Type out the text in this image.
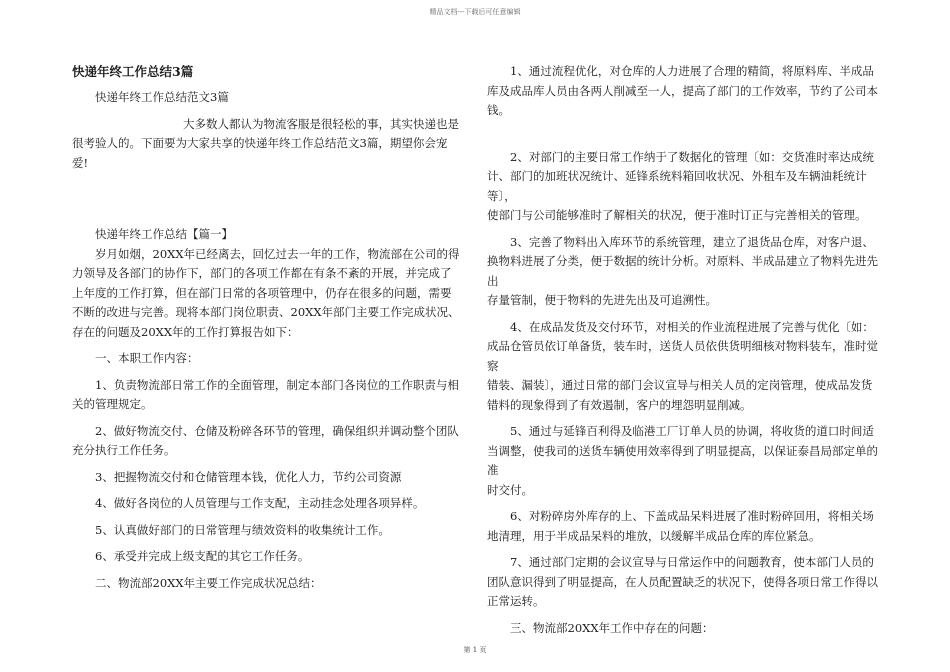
精品文档---下载后可任意编辑

快递年终工作总结3篇

快递年终工作总结范文3篇

大多数人都认为物流客服是很轻松的事，其实快递也是

很考验人的。下面要为大家共享的快递年终工作总结范文3篇，期望你会宠爱!

快递年终工作总结【篇一】

岁月如烟，20XX年已经离去，回忆过去一年的工作，物流部在公司的得力领导及各部门的协作下，部门的各项工作都在有条不紊的开展，并完成了上年度的工作打算，但在部门日常的各项管理中，仍存在很多的问题，需要不断的改进与完善。现将本部门岗位职责、20XX年部门主要工作完成状况、存在的问题及20XX年的工作打算报告如下：

一、本职工作内容：

1、负责物流部日常工作的全面管理，制定本部门各岗位的工作职责与相关的管理规定。

2、做好物流交付、仓储及粉碎各环节的管理，确保组织并调动整个团队充分执行工作任务。

3、把握物流交付和仓储管理本钱，优化人力，节约公司资源

4、做好各岗位的人员管理与工作支配，主动挂念处理各项异样。

5、认真做好部门的日常管理与绩效资料的收集统计工作。

6、承受并完成上级支配的其它工作任务。

二、物流部20XX年主要工作完成状况总结：

1、通过流程优化，对仓库的人力进展了合理的精简，将原料库、半成品库及成品库人员由各两人削减至一人，提高了部门的工作效率，节约了公司本钱。

2、对部门的主要日常工作纳于了数据化的管理〔如：交货准时率达成统计、部门的加班状况统计、延锋系统料箱回收状况、外租车及车辆油耗统计等〕，

使部门与公司能够准时了解相关的状况，便于准时订正与完善相关的管理。

3、完善了物料出入库环节的系统管理，建立了退货品仓库，对客户退、换物料进展了分类，便于数据的统计分析。对原料、半成品建立了物料先进先出

存量管制，便于物料的先进先出及可追溯性。

4、在成品发货及交付环节，对相关的作业流程进展了完善与优化〔如：成品仓管员依订单备货，装车时，送货人员依供货明细核对物料装车，准时觉察

错装、漏装〕，通过日常的部门会议宣导与相关人员的定岗管理，使成品发货错料的现象得到了有效遏制，客户的埋怨明显削减。

5、通过与延锋百利得及临港工厂订单人员的协调，将收货的道口时间适当调整，使我司的送货车辆使用效率得到了明显提高，以保证泰昌局部定单的准

时交付。

6、对粉碎房外库存的上、下盖成品呆料进展了准时粉碎回用，将相关场地清理，用于半成品呆料的堆放，以缓解半成品仓库的库位紧急。

7、通过部门定期的会议宣导与日常运作中的问题教育，使本部门人员的团队意识得到了明显提高，在人员配置缺乏的状况下，使得各项日常工作得以正常运转。

三、物流部20XX年工作中存在的问题：

第 1 页
